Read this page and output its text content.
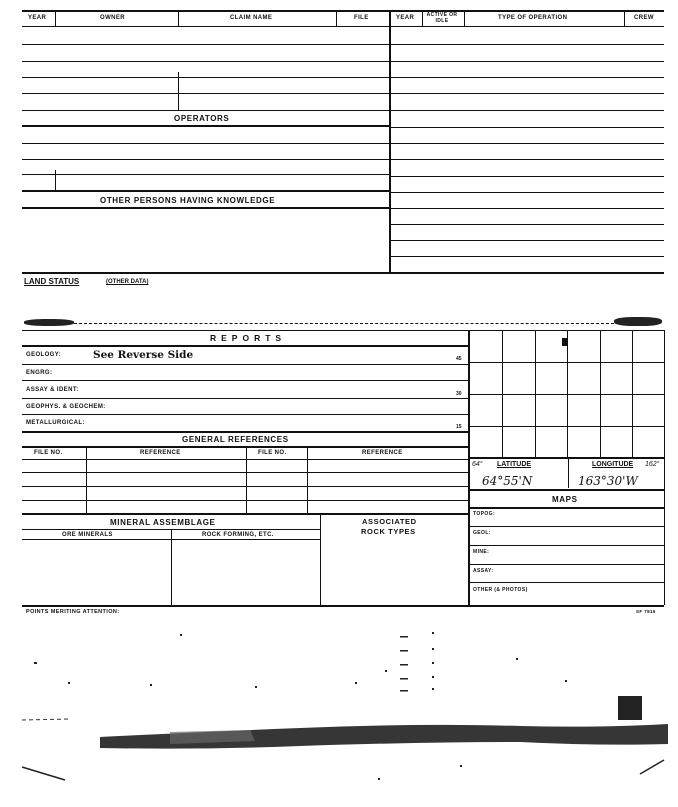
YEAR	OWNER	CLAIM NAME	FILE	YEAR	ACTIVE OR IDLE	TYPE OF OPERATION	CREW
OPERATORS
OTHER PERSONS HAVING KNOWLEDGE
LAND STATUS	(OTHER DATA)
REPORTS
GEOLOGY:	See Reverse Side	45
ENGRG:
ASSAY & IDENT:
30
GEOPHYS. & GEOCHEM:
METALLURGICAL:
15
GENERAL REFERENCES
FILE NO.	REFERENCE	FILE NO.	REFERENCE
64° LATITUDE	LONGITUDE 162°
64°55'N	163°30'W
MAPS
TOPOG:
GEOL:
MINE:
ASSAY:
OTHER (& PHOTOS)
MINERAL ASSEMBLAGE
ORE MINERALS	ROCK FORMING, ETC.
ASSOCIATED
ROCK TYPES
POINTS MERITING ATTENTION:	SF 7815
